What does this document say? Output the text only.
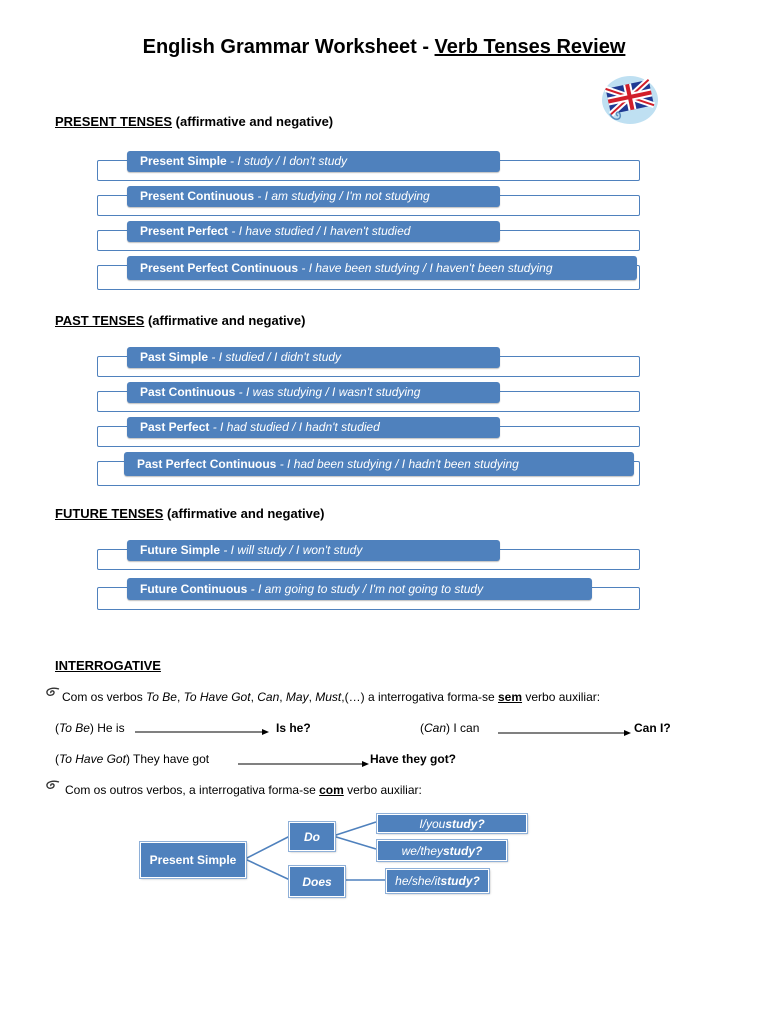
English Grammar Worksheet - Verb Tenses Review
PRESENT TENSES (affirmative and negative)
Present Simple - I study / I don't study
Present Continuous - I am studying / I'm not studying
Present Perfect - I have studied / I haven't studied
Present Perfect Continuous - I have been studying / I haven't been studying
PAST TENSES (affirmative and negative)
Past Simple - I studied / I didn't study
Past Continuous - I was studying / I wasn't studying
Past Perfect - I had studied / I hadn't studied
Past Perfect Continuous - I had been studying / I hadn't been studying
FUTURE TENSES (affirmative and negative)
Future Simple - I will study / I won't study
Future Continuous - I am going to study / I'm not going to study
INTERROGATIVE
Com os verbos To Be, To Have Got, Can, May, Must,(…) a interrogativa forma-se sem verbo auxiliar:
(To Be) He is	Is he?	(Can) I can	Can I?
(To Have Got) They have got	Have they got?
Com os outros verbos, a interrogativa forma-se com verbo auxiliar:
Present Simple
Do
Does
I/you study?
we/they study?
he/she/it study?
